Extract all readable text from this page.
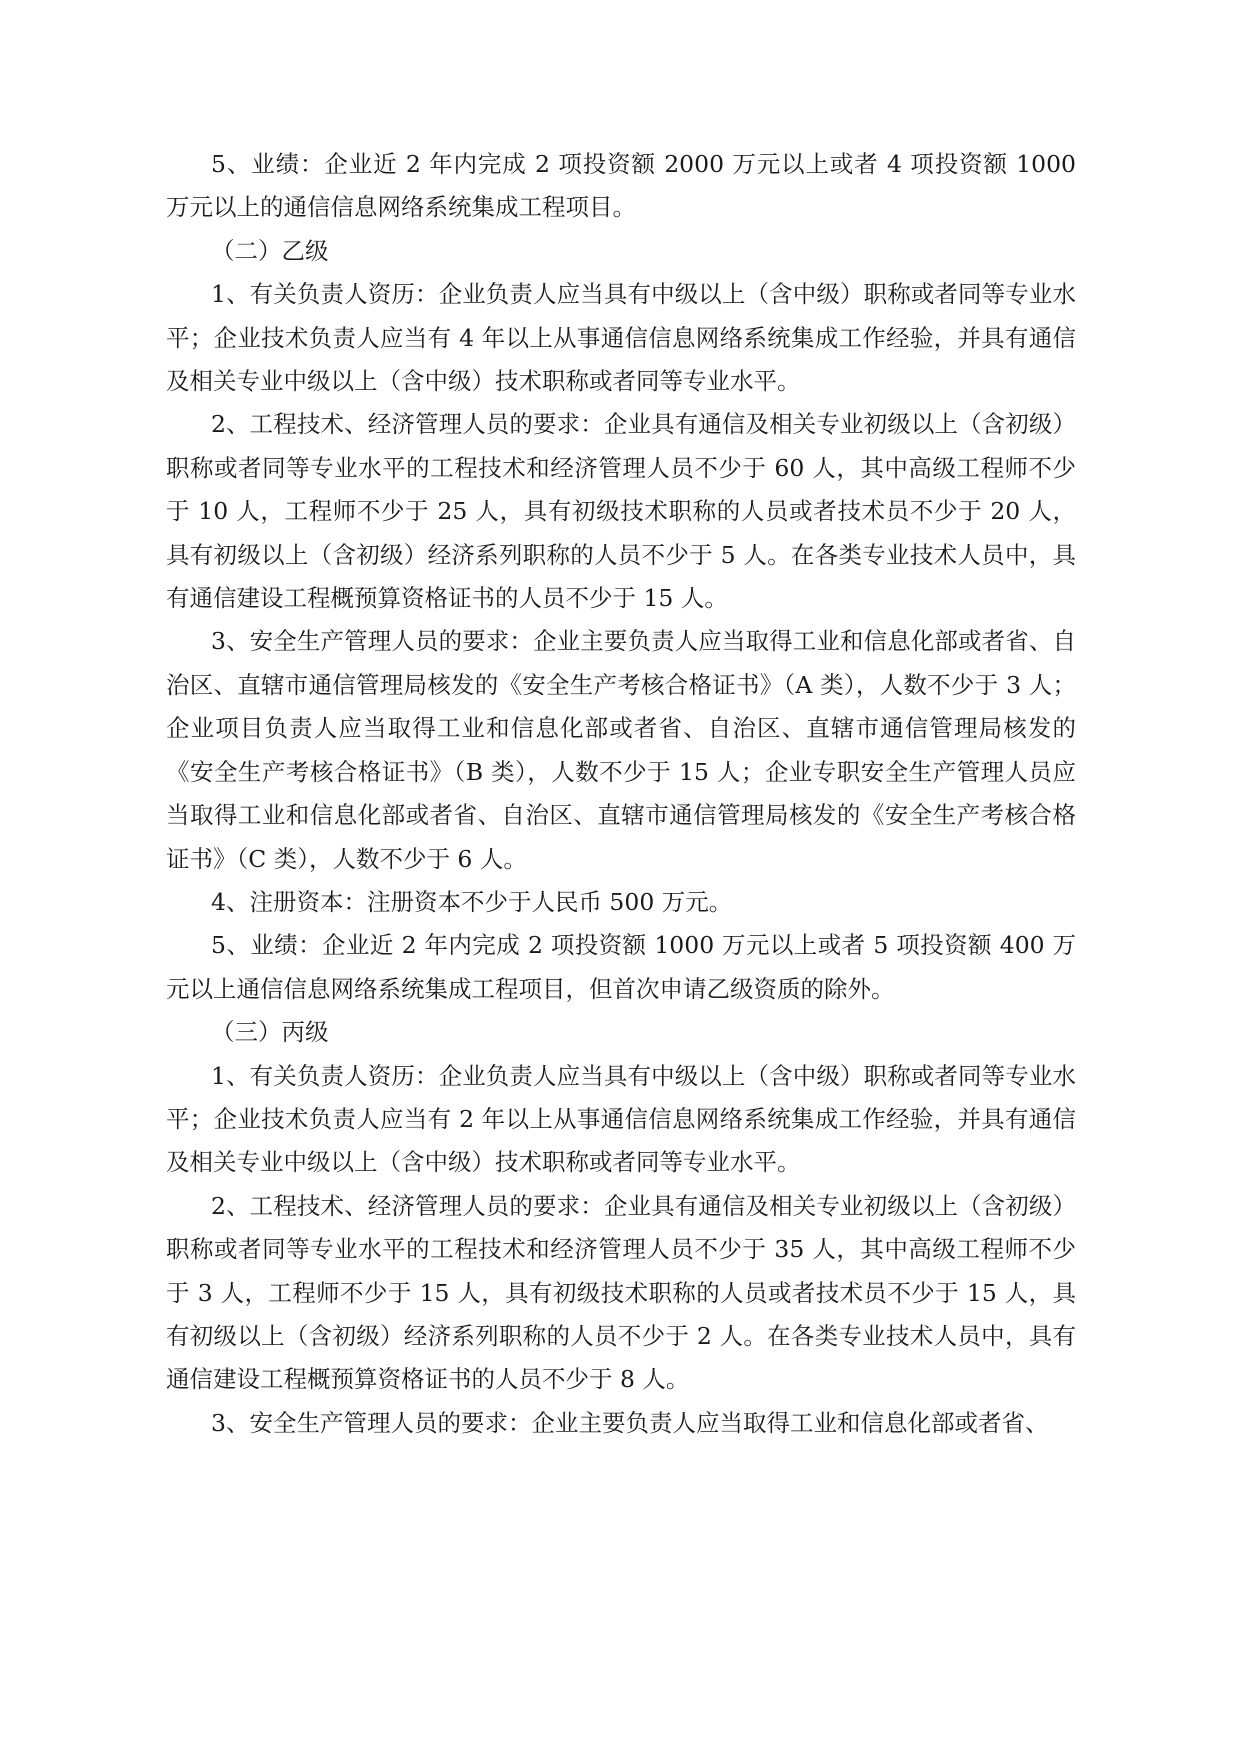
5、业绩：企业近 2 年内完成 2 项投资额 2000 万元以上或者 4 项投资额 1000 万元以上的通信信息网络系统集成工程项目。

（二）乙级

1、有关负责人资历：企业负责人应当具有中级以上（含中级）职称或者同等专业水平；企业技术负责人应当有 4 年以上从事通信信息网络系统集成工作经验，并具有通信及相关专业中级以上（含中级）技术职称或者同等专业水平。

2、工程技术、经济管理人员的要求：企业具有通信及相关专业初级以上（含初级）职称或者同等专业水平的工程技术和经济管理人员不少于 60 人，其中高级工程师不少于 10 人，工程师不少于 25 人，具有初级技术职称的人员或者技术员不少于 20 人，具有初级以上（含初级）经济系列职称的人员不少于 5 人。在各类专业技术人员中，具有通信建设工程概预算资格证书的人员不少于 15 人。

3、安全生产管理人员的要求：企业主要负责人应当取得工业和信息化部或者省、自治区、直辖市通信管理局核发的《安全生产考核合格证书》（A 类），人数不少于 3 人；企业项目负责人应当取得工业和信息化部或者省、自治区、直辖市通信管理局核发的《安全生产考核合格证书》（B 类），人数不少于 15 人；企业专职安全生产管理人员应当取得工业和信息化部或者省、自治区、直辖市通信管理局核发的《安全生产考核合格证书》（C 类），人数不少于 6 人。

4、注册资本：注册资本不少于人民币 500 万元。

5、业绩：企业近 2 年内完成 2 项投资额 1000 万元以上或者 5 项投资额 400 万元以上通信信息网络系统集成工程项目，但首次申请乙级资质的除外。

（三）丙级

1、有关负责人资历：企业负责人应当具有中级以上（含中级）职称或者同等专业水平；企业技术负责人应当有 2 年以上从事通信信息网络系统集成工作经验，并具有通信及相关专业中级以上（含中级）技术职称或者同等专业水平。

2、工程技术、经济管理人员的要求：企业具有通信及相关专业初级以上（含初级）职称或者同等专业水平的工程技术和经济管理人员不少于 35 人，其中高级工程师不少于 3 人，工程师不少于 15 人，具有初级技术职称的人员或者技术员不少于 15 人，具有初级以上（含初级）经济系列职称的人员不少于 2 人。在各类专业技术人员中，具有通信建设工程概预算资格证书的人员不少于 8 人。

3、安全生产管理人员的要求：企业主要负责人应当取得工业和信息化部或者省、
